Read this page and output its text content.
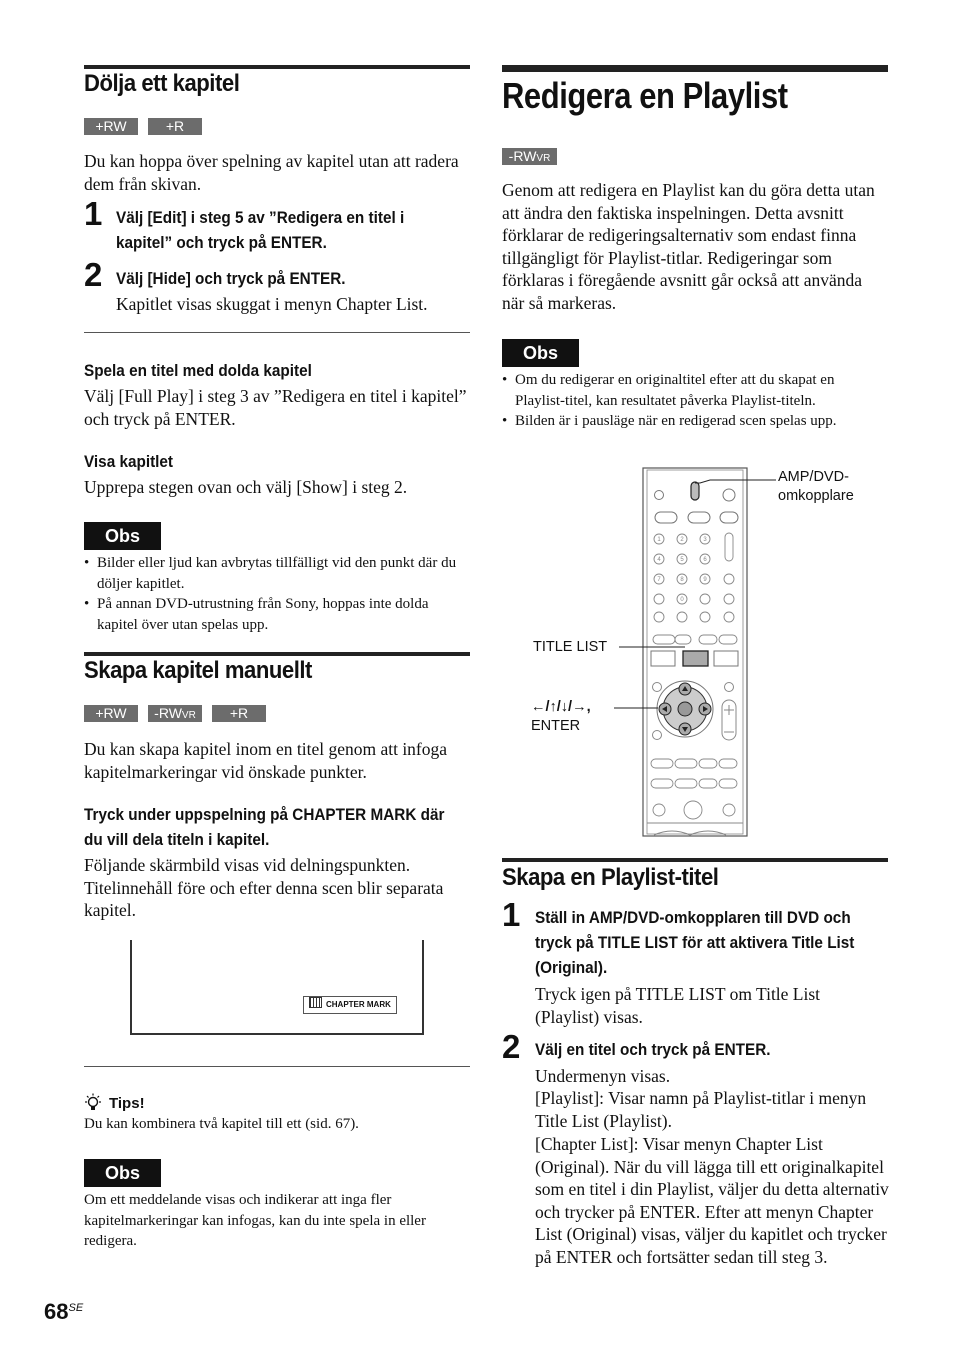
Dölja ett kapitel
+RW	+R
Du kan hoppa över spelning av kapitel utan att radera dem från skivan.
1 Välj [Edit] i steg 5 av ”Redigera en titel i kapitel” och tryck på ENTER.
2 Välj [Hide] och tryck på ENTER.
Kapitlet visas skuggat i menyn Chapter List.
Spela en titel med dolda kapitel
Välj [Full Play] i steg 3 av ”Redigera en titel i kapitel” och tryck på ENTER.
Visa kapitlet
Upprepa stegen ovan och välj [Show] i steg 2.
Obs
• Bilder eller ljud kan avbrytas tillfälligt vid den punkt där du döljer kapitlet.
• På annan DVD-utrustning från Sony, hoppas inte dolda kapitel över utan spelas upp.
Skapa kapitel manuellt
+RW	-RWVR	+R
Du kan skapa kapitel inom en titel genom att infoga kapitelmarkeringar vid önskade punkter.
Tryck under uppspelning på CHAPTER MARK där du vill dela titeln i kapitel.
Följande skärmbild visas vid delningspunkten. Titelinnehåll före och efter denna scen blir separata kapitel.
CHAPTER MARK
Tips!
Du kan kombinera två kapitel till ett (sid. 67).
Obs
Om ett meddelande visas och indikerar att inga fler kapitelmarkeringar kan infogas, kan du inte spela in eller redigera.
Redigera en Playlist
-RWVR
Genom att redigera en Playlist kan du göra detta utan att ändra den faktiska inspelningen. Detta avsnitt förklarar de redigeringsalternativ som endast finna tillgängligt för Playlist-titlar. Redigeringar som förklaras i föregående avsnitt går också att använda när så markeras.
Obs
• Om du redigerar en originaltitel efter att du skapat en Playlist-titel, kan resultatet påverka Playlist-titeln.
• Bilden är i pausläge när en redigerad scen spelas upp.
1	2	3
4	5	6
7	8	9
0
AMP/DVD-
omkopplare
TITLE LIST
←/↑/↓/→,
ENTER
Skapa en Playlist-titel
1 Ställ in AMP/DVD-omkopplaren till DVD och tryck på TITLE LIST för att aktivera Title List (Original).
Tryck igen på TITLE LIST om Title List (Playlist) visas.
2 Välj en titel och tryck på ENTER.
Undermenyn visas.
[Playlist]: Visar namn på Playlist-titlar i menyn Title List (Playlist).
[Chapter List]: Visar menyn Chapter List (Original). När du vill lägga till ett originalkapitel som en titel i din Playlist, väljer du detta alternativ och trycker på ENTER. Efter att menyn Chapter List (Original) visas, väljer du kapitlet och trycker på ENTER och fortsätter sedan till steg 3.
$68^{SE}$
